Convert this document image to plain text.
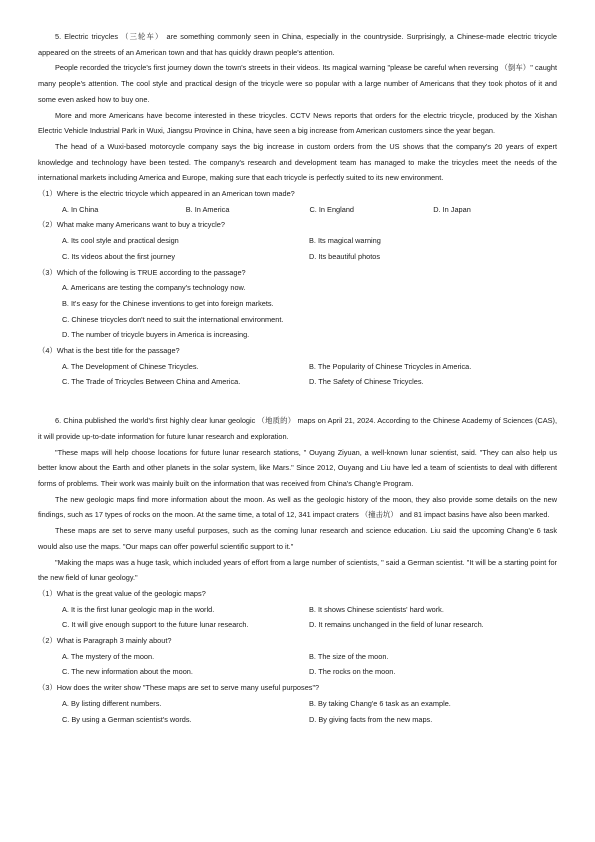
5. Electric tricycles （三轮车） are something commonly seen in China, especially in the countryside. Surprisingly, a Chinese-made electric tricycle appeared on the streets of an American town and that has quickly drawn people's attention.

People recorded the tricycle's first journey down the town's streets in their videos. Its magical warning "please be careful when reversing （倒车）" caught many people's attention. The cool style and practical design of the tricycle were so popular with a large number of Americans that they took photos of it and some even asked how to buy one.

More and more Americans have become interested in these tricycles. CCTV News reports that orders for the electric tricycle, produced by the Xishan Electric Vehicle Industrial Park in Wuxi, Jiangsu Province in China, have seen a big increase from American customers since the year began.

The head of a Wuxi-based motorcycle company says the big increase in custom orders from the US shows that the company's 20 years of expert knowledge and technology have been tested. The company's research and development team has managed to make the tricycles meet the needs of the international markets including America and Europe, making sure that each tricycle is perfectly suited to its new environment.

（1）Where is the electric tricycle which appeared in an American town made?

A. In China	B. In America	C. In England	D. In Japan

（2）What make many Americans want to buy a tricycle?

A. Its cool style and practical design	B. Its magical warning
C. Its videos about the first journey	D. Its beautiful photos

（3）Which of the following is TRUE according to the passage?

A. Americans are testing the company's technology now.

B. It's easy for the Chinese inventions to get into foreign markets.

C. Chinese tricycles don't need to suit the international environment.

D. The number of tricycle buyers in America is increasing.

（4）What is the best title for the passage?

A. The Development of Chinese Tricycles.	B. The Popularity of Chinese Tricycles in America.
C. The Trade of Tricycles Between China and America.	D. The Safety of Chinese Tricycles.

6. China published the world's first highly clear lunar geologic （地质的） maps on April 21, 2024. According to the Chinese Academy of Sciences (CAS), it will provide up-to-date information for future lunar research and exploration.

"These maps will help choose locations for future lunar research stations, " Ouyang Ziyuan, a well-known lunar scientist, said. "They can also help us better know about the Earth and other planets in the solar system, like Mars." Since 2012, Ouyang and Liu have led a team of scientists to deal with different forms of problems. Their work was mainly built on the information that was received from China's Chang'e Program.

The new geologic maps find more information about the moon. As well as the geologic history of the moon, they also provide some details on the new findings, such as 17 types of rocks on the moon. At the same time, a total of 12, 341 impact craters （撞击坑） and 81 impact basins have also been marked.

These maps are set to serve many useful purposes, such as the coming lunar research and science education. Liu said the upcoming Chang'e 6 task would also use the maps. "Our maps can offer powerful scientific support to it."

"Making the maps was a huge task, which included years of effort from a large number of scientists, " said a German scientist. "It will be a starting point for the new field of lunar geology."

（1）What is the great value of the geologic maps?

A. It is the first lunar geologic map in the world.	B. It shows Chinese scientists' hard work.
C. It will give enough support to the future lunar research.	D. It remains unchanged in the field of lunar research.

（2）What is Paragraph 3 mainly about?

A. The mystery of the moon.	B. The size of the moon.
C. The new information about the moon.	D. The rocks on the moon.

（3）How does the writer show "These maps are set to serve many useful purposes"?

A. By listing different numbers.	B. By taking Chang'e 6 task as an example.
C. By using a German scientist's words.	D. By giving facts from the new maps.
